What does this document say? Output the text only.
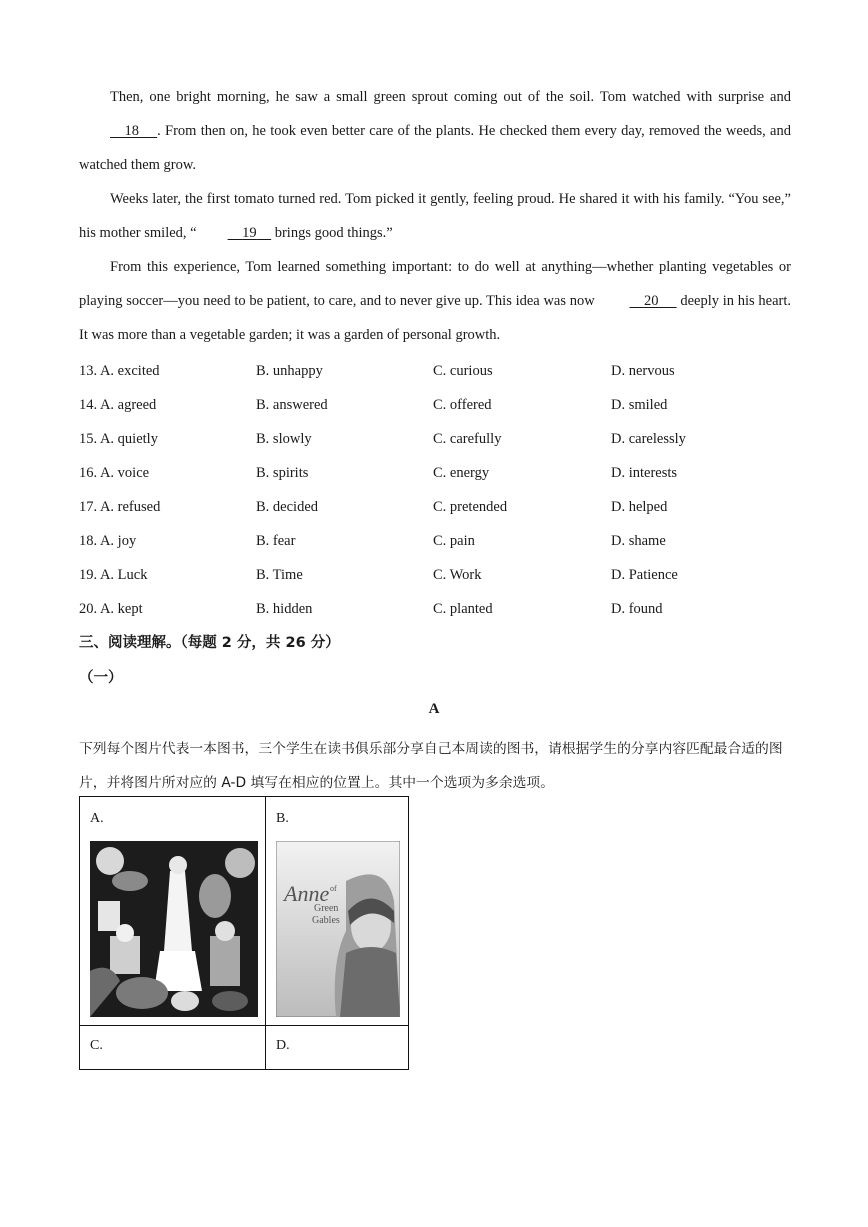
Then, one bright morning, he saw a small green sprout coming out of the soil. Tom watched with surprise and     18 . From then on, he took even better care of the plants. He checked them every day, removed the weeds, and watched them grow.

Weeks later, the first tomato turned red. Tom picked it gently, feeling proud. He shared it with his family. “You see,” his mother smiled, “	19     brings good things.”

From this experience, Tom learned something important: to do well at anything—whether planting vegetables or playing soccer—you need to be patient, to care, and to never give up. This idea was now	20      deeply in his heart. It was more than a vegetable garden; it was a garden of personal growth.

13. A. excited	B. unhappy	C. curious	D. nervous
14. A. agreed	B. answered	C. offered	D. smiled
15. A. quietly	B. slowly	C. carefully	D. carelessly
16. A. voice	B. spirits	C. energy	D. interests
17. A. refused	B. decided	C. pretended	D. helped
18. A. joy	B. fear	C. pain	D. shame
19. A. Luck	B. Time	C. Work	D. Patience
20. A. kept	B. hidden	C. planted	D. found
三、阅读理解。（每题 2 分，共 26 分）
（一）
A
下列每个图片代表一本图书，三个学生在读书俱乐部分享自己本周读的图书，请根据学生的分享内容匹配最合适的图片，并将图片所对应的 A-D 填写在相应的位置上。其中一个选项为多余选项。
A.	B.
Anne of
Green
Gables
C.	D.
